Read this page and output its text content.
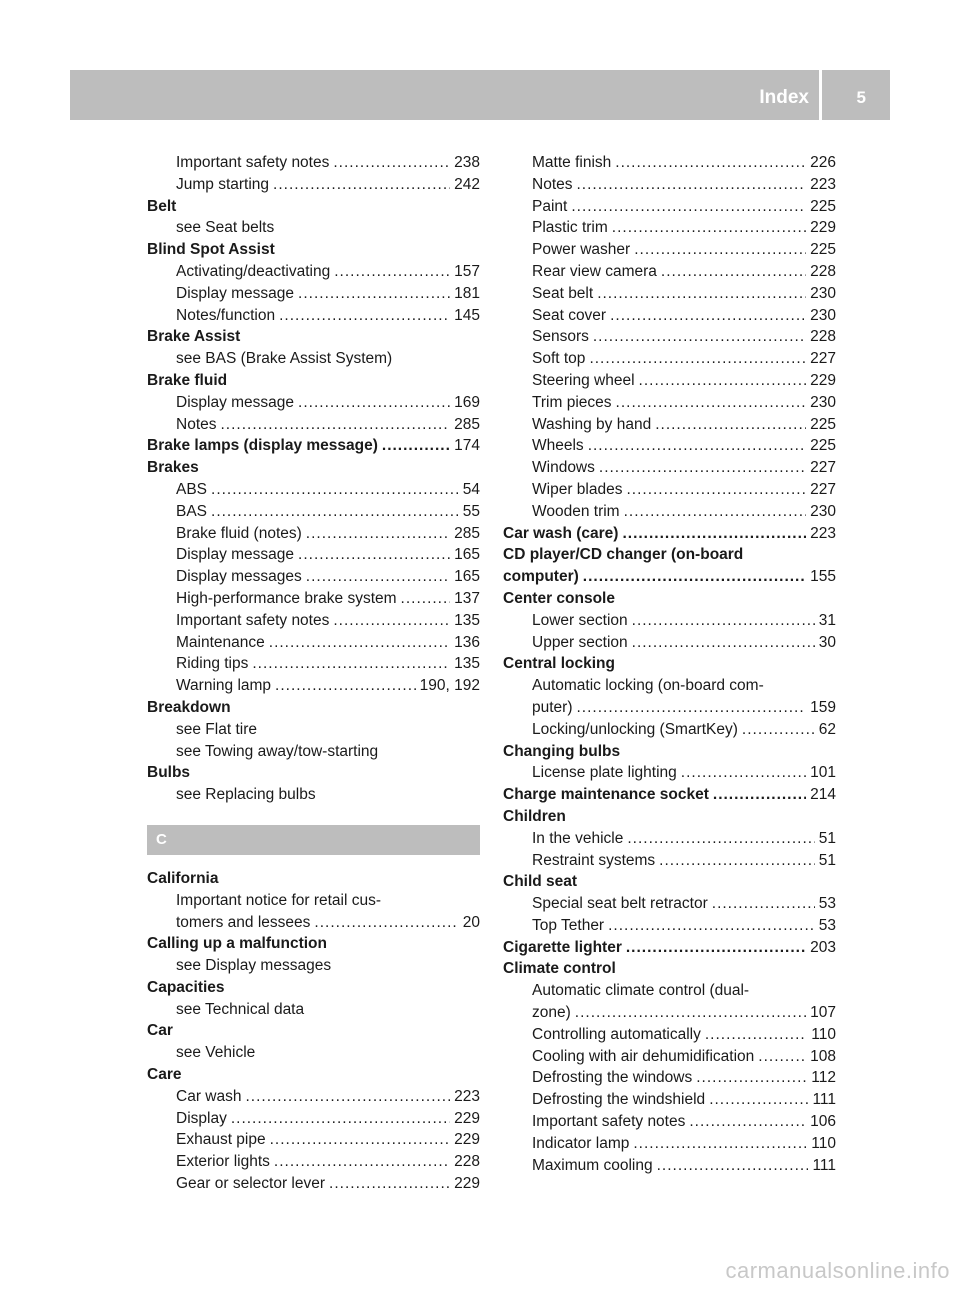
Index	5
Important safety notes .....	238
Jump starting .....	242
Belt
see Seat belts
Blind Spot Assist
Activating/deactivating .....	157
Display message .....	181
Notes/function .....	145
Brake Assist
see BAS (Brake Assist System)
Brake fluid
Display message .....	169
Notes .....	285
Brake lamps (display message) .....	174
Brakes
ABS .....	54
BAS .....	55
Brake fluid (notes) .....	285
Display message .....	165
Display messages .....	165
High-performance brake system .....	137
Important safety notes .....	135
Maintenance .....	136
Riding tips .....	135
Warning lamp .....	190, 192
Breakdown
see Flat tire
see Towing away/tow-starting
Bulbs
see Replacing bulbs
C
California
Important notice for retail cus-
tomers and lessees .....	20
Calling up a malfunction
see Display messages
Capacities
see Technical data
Car
see Vehicle
Care
Car wash .....	223
Display .....	229
Exhaust pipe .....	229
Exterior lights .....	228
Gear or selector lever .....	229
Matte finish .....	226
Notes .....	223
Paint .....	225
Plastic trim .....	229
Power washer .....	225
Rear view camera .....	228
Seat belt .....	230
Seat cover .....	230
Sensors .....	228
Soft top .....	227
Steering wheel .....	229
Trim pieces .....	230
Washing by hand .....	225
Wheels .....	225
Windows .....	227
Wiper blades .....	227
Wooden trim .....	230
Car wash (care) .....	223
CD player/CD changer (on-board
computer) .....	155
Center console
Lower section .....	31
Upper section .....	30
Central locking
Automatic locking (on-board com-
puter) .....	159
Locking/unlocking (SmartKey) .....	62
Changing bulbs
License plate lighting .....	101
Charge maintenance socket .....	214
Children
In the vehicle .....	51
Restraint systems .....	51
Child seat
Special seat belt retractor .....	53
Top Tether .....	53
Cigarette lighter .....	203
Climate control
Automatic climate control (dual-
zone) .....	107
Controlling automatically .....	110
Cooling with air dehumidification .....	108
Defrosting the windows .....	112
Defrosting the windshield .....	111
Important safety notes .....	106
Indicator lamp .....	110
Maximum cooling .....	111
carmanualsonline.info
